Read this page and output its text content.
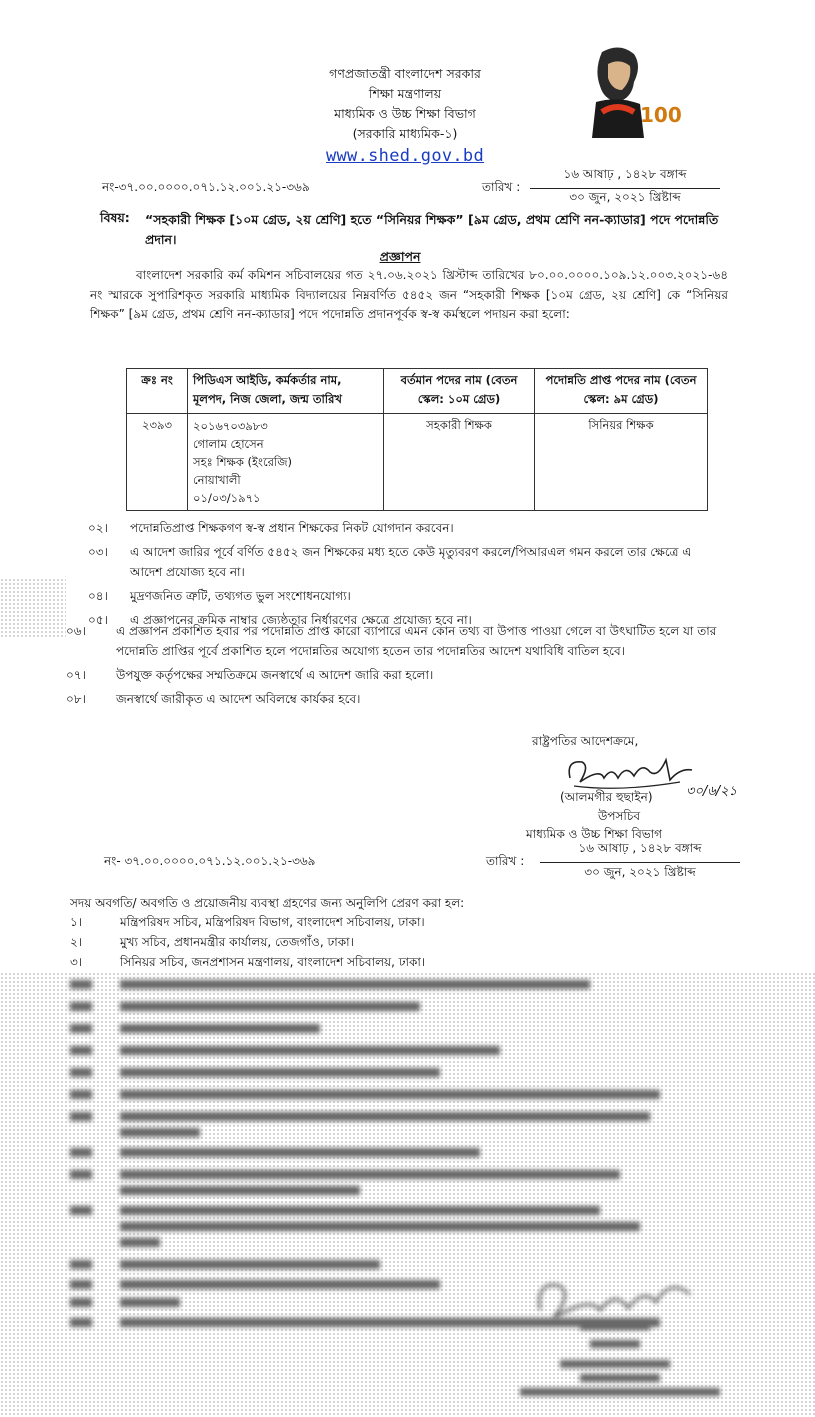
গণপ্রজাতন্ত্রী বাংলাদেশ সরকার
শিক্ষা মন্ত্রণালয়
মাধ্যমিক ও উচ্চ শিক্ষা বিভাগ
(সরকারি মাধ্যমিক-১)
www.shed.gov.bd
100
নং-৩৭.০০.০০০০.০৭১.১২.০০১.২১-৩৬৯	তারিখ :
১৬ আষাঢ় , ১৪২৮ বঙ্গাব্দ
৩০ জুন, ২০২১ খ্রিষ্টাব্দ
বিষয়:	“সহকারী শিক্ষক [১০ম গ্রেড, ২য় শ্রেণি] হতে “সিনিয়র শিক্ষক” [৯ম গ্রেড, প্রথম শ্রেণি নন-ক্যাডার] পদে পদোন্নতি প্রদান।
প্রজ্ঞাপন
বাংলাদেশ সরকারি কর্ম কমিশন সচিবালয়ের গত ২৭.০৬.২০২১ খ্রিস্টাব্দ তারিখের ৮০.০০.০০০০.১০৯.১২.০০৩.২০২১-৬৪ নং স্মারকে সুপারিশকৃত সরকারি মাধ্যমিক বিদ্যালয়ের নিম্নবর্ণিত ৫৪৫২ জন “সহকারী শিক্ষক [১০ম গ্রেড, ২য় শ্রেণি] কে “সিনিয়র শিক্ষক” [৯ম গ্রেড, প্রথম শ্রেণি নন-ক্যাডার] পদে পদোন্নতি প্রদানপূর্বক স্ব-স্ব কর্মস্থলে পদায়ন করা হলো:
ক্রঃ নং	পিডিএস আইডি, কর্মকর্তার নাম, মূলপদ, নিজ জেলা, জন্ম তারিখ	বর্তমান পদের নাম (বেতন স্কেল: ১০ম গ্রেড)	পদোন্নতি প্রাপ্ত পদের নাম (বেতন স্কেল: ৯ম গ্রেড)
২৩৯৩	২০১৬৭০৩৯৮৩
গোলাম হোসেন
সহঃ শিক্ষক (ইংরেজি)
নোয়াখালী
০১/০৩/১৯৭১	সহকারী শিক্ষক	সিনিয়র শিক্ষক
০২।	পদোন্নতিপ্রাপ্ত শিক্ষকগণ স্ব-স্ব প্রধান শিক্ষকের নিকট যোগদান করবেন।
০৩।	এ আদেশ জারির পূর্বে বর্ণিত ৫৪৫২ জন শিক্ষকের মধ্য হতে কেউ মৃত্যুবরণ করলে/পিআরএল গমন করলে তার ক্ষেত্রে এ আদেশ প্রযোজ্য হবে না।
০৪।	মুদ্রণজনিত ত্রুটি, তথ্যগত ভুল সংশোধনযোগ্য।
০৫।	এ প্রজ্ঞাপনের ক্রমিক নাম্বার জ্যেষ্ঠতার নির্ধারণের ক্ষেত্রে প্রযোজ্য হবে না।
০৬।	এ প্রজ্ঞাপন প্রকাশিত হবার পর পদোন্নতি প্রাপ্ত কারো ব্যাপারে এমন কোন তথ্য বা উপাত্ত পাওয়া গেলে বা উৎঘাটিত হলে যা তার পদোন্নতি প্রাপ্তির পূর্বে প্রকাশিত হলে পদোন্নতির অযোগ্য হতেন তার পদোন্নতির আদেশ যথাবিধি বাতিল হবে।
০৭।	উপযুক্ত কর্তৃপক্ষের সম্মতিক্রমে জনস্বার্থে এ আদেশ জারি করা হলো।
০৮।	জনস্বার্থে জারীকৃত এ আদেশ অবিলম্বে কার্যকর হবে।
রাষ্ট্রপতির আদেশক্রমে,
(আলমগীর হুছাইন)	৩০/৬/২১
উপসচিব
মাধ্যমিক ও উচ্চ শিক্ষা বিভাগ
নং- ৩৭.০০.০০০০.০৭১.১২.০০১.২১-৩৬৯	তারিখ :
১৬ আষাঢ় , ১৪২৮ বঙ্গাব্দ
৩০ জুন, ২০২১ খ্রিষ্টাব্দ
সদয় অবগতি/ অবগতি ও প্রয়োজনীয় ব্যবস্থা গ্রহণের জন্য অনুলিপি প্রেরণ করা হল:
১।	মন্ত্রিপরিষদ সচিব, মন্ত্রিপরিষদ বিভাগ, বাংলাদেশ সচিবালয়, ঢাকা।
২।	মুখ্য সচিব, প্রধানমন্ত্রীর কার্যালয়, তেজগাঁও, ঢাকা।
৩।	সিনিয়র সচিব, জনপ্রশাসন মন্ত্রণালয়, বাংলাদেশ সচিবালয়, ঢাকা।
